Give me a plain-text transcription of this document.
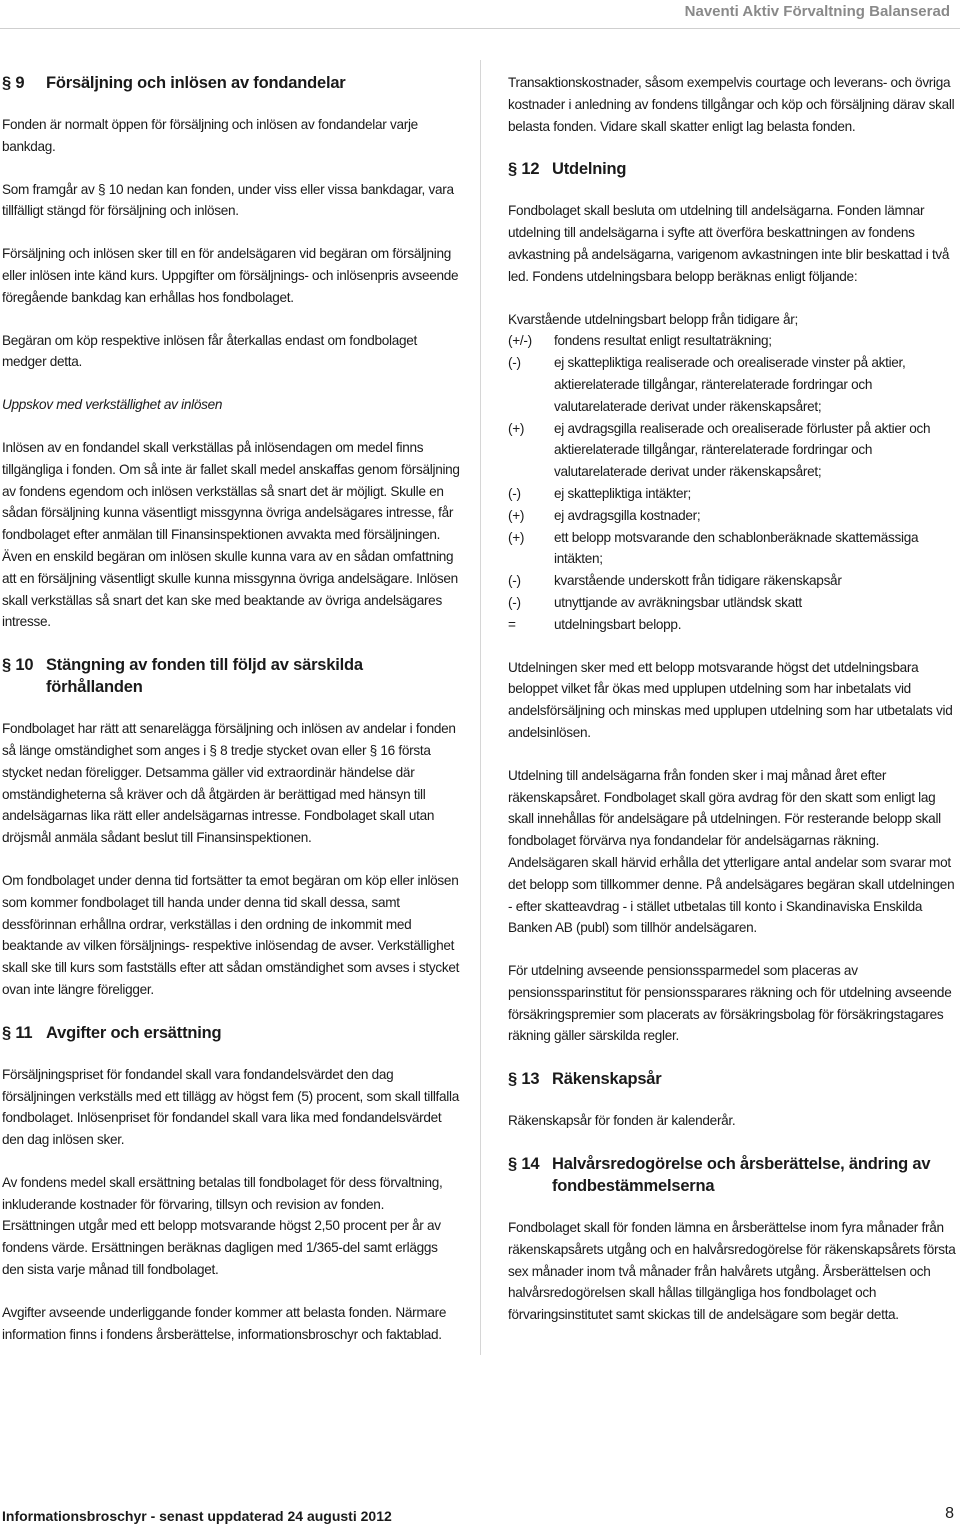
Naventi Aktiv Förvaltning Balanserad
§ 9	Försäljning och inlösen av fondandelar

Fonden är normalt öppen för försäljning och inlösen av fondandelar varje bankdag.

Som framgår av § 10 nedan kan fonden, under viss eller vissa bankdagar, vara tillfälligt stängd för försäljning och inlösen.

Försäljning och inlösen sker till en för andelsägaren vid begäran om försäljning eller inlösen inte känd kurs. Uppgifter om försäljnings- och inlösenpris avseende föregående bankdag kan erhållas hos fondbolaget.

Begäran om köp respektive inlösen får återkallas endast om fondbolaget medger detta.

Uppskov med verkställighet av inlösen

Inlösen av en fondandel skall verkställas på inlösendagen om medel finns tillgängliga i fonden. Om så inte är fallet skall medel anskaffas genom försäljning av fondens egendom och inlösen verkställas så snart det är möjligt. Skulle en sådan försäljning kunna väsentligt missgynna övriga andelsägares intresse, får fondbolaget efter anmälan till Finansinspektionen avvakta med försäljningen. Även en enskild begäran om inlösen skulle kunna vara av en sådan omfattning att en försäljning väsentligt skulle kunna missgynna övriga andelsägare. Inlösen skall verkställas så snart det kan ske med beaktande av övriga andelsägares intresse.

§ 10 Stängning av fonden till följd av särskilda förhållanden

Fondbolaget har rätt att senarelägga försäljning och inlösen av andelar i fonden så länge omständighet som anges i § 8 tredje stycket ovan eller § 16 första stycket nedan föreligger. Detsamma gäller vid extraordinär händelse där omständigheterna så kräver och då åtgärden är berättigad med hänsyn till andelsägarnas lika rätt eller andelsägarnas intresse. Fondbolaget skall utan dröjsmål anmäla sådant beslut till Finansinspektionen.

Om fondbolaget under denna tid fortsätter ta emot begäran om köp eller inlösen som kommer fondbolaget till handa under denna tid skall dessa, samt dessförinnan erhållna ordrar, verkställas i den ordning de inkommit med beaktande av vilken försäljnings- respektive inlösendag de avser. Verkställighet skall ske till kurs som fastställs efter att sådan omständighet som avses i stycket ovan inte längre föreligger.

§ 11 Avgifter och ersättning

Försäljningspriset för fondandel skall vara fondandelsvärdet den dag försäljningen verkställs med ett tillägg av högst fem (5) procent, som skall tillfalla fondbolaget. Inlösenpriset för fondandel skall vara lika med fondandelsvärdet den dag inlösen sker.

Av fondens medel skall ersättning betalas till fondbolaget för dess förvaltning, inkluderande kostnader för förvaring, tillsyn och revision av fonden. Ersättningen utgår med ett belopp motsvarande högst 2,50 procent per år av fondens värde. Ersättningen beräknas dagligen med 1/365-del samt erläggs den sista varje månad till fondbolaget.

Avgifter avseende underliggande fonder kommer att belasta fonden. Närmare information finns i fondens årsberättelse, informationsbroschyr och faktablad.

Transaktionskostnader, såsom exempelvis courtage och leverans- och övriga kostnader i anledning av fondens tillgångar och köp och försäljning därav skall belasta fonden. Vidare skall skatter enligt lag belasta fonden.

§ 12 Utdelning

Fondbolaget skall besluta om utdelning till andelsägarna. Fonden lämnar utdelning till andelsägarna i syfte att överföra beskattningen av fondens avkastning på andelsägarna, varigenom avkastningen inte blir beskattad i två led. Fondens utdelningsbara belopp beräknas enligt följande:

Kvarstående utdelningsbart belopp från tidigare år;

(+/-)	fondens resultat enligt resultaträkning;
(-)	ej skattepliktiga realiserade och orealiserade vinster på aktier, aktierelaterade tillgångar, ränterelaterade fordringar och valutarelaterade derivat under räkenskapsåret;
(+)	ej avdragsgilla realiserade och orealiserade förluster på aktier och aktierelaterade tillgångar, ränterelaterade fordringar och valutarelaterade derivat under räkenskapsåret;
(-)	ej skattepliktiga intäkter;
(+)	ej avdragsgilla kostnader;
(+)	ett belopp motsvarande den schablonberäknade skattemässiga intäkten;
(-)	kvarstående underskott från tidigare räkenskapsår
(-)	utnyttjande av avräkningsbar utländsk skatt
=	utdelningsbart belopp.

Utdelningen sker med ett belopp motsvarande högst det utdelningsbara beloppet vilket får ökas med upplupen utdelning som har inbetalats vid andelsförsäljning och minskas med upplupen utdelning som har utbetalats vid andelsinlösen.

Utdelning till andelsägarna från fonden sker i maj månad året efter räkenskapsåret. Fondbolaget skall göra avdrag för den skatt som enligt lag skall innehållas för andelsägare på utdelningen. För resterande belopp skall fondbolaget förvärva nya fondandelar för andelsägarnas räkning. Andelsägaren skall härvid erhålla det ytterligare antal andelar som svarar mot det belopp som tillkommer denne. På andelsägares begäran skall utdelningen - efter skatteavdrag - i stället utbetalas till konto i Skandinaviska Enskilda Banken AB (publ) som tillhör andelsägaren.

För utdelning avseende pensionssparmedel som placeras av pensionssparinstitut för pensionssparares räkning och för utdelning avseende försäkringspremier som placerats av försäkringsbolag för försäkringstagares räkning gäller särskilda regler.

§ 13 Räkenskapsår

Räkenskapsår för fonden är kalenderår.

§ 14 Halvårsredogörelse och årsberättelse, ändring av fondbestämmelserna

Fondbolaget skall för fonden lämna en årsberättelse inom fyra månader från räkenskapsårets utgång och en halvårsredogörelse för räkenskapsårets första sex månader inom två månader från halvårets utgång. Årsberättelsen och halvårsredogörelsen skall hållas tillgängliga hos fondbolaget och förvaringsinstitutet samt skickas till de andelsägare som begär detta.

Informationsbroschyr - senast uppdaterad 24 augusti 2012	8
